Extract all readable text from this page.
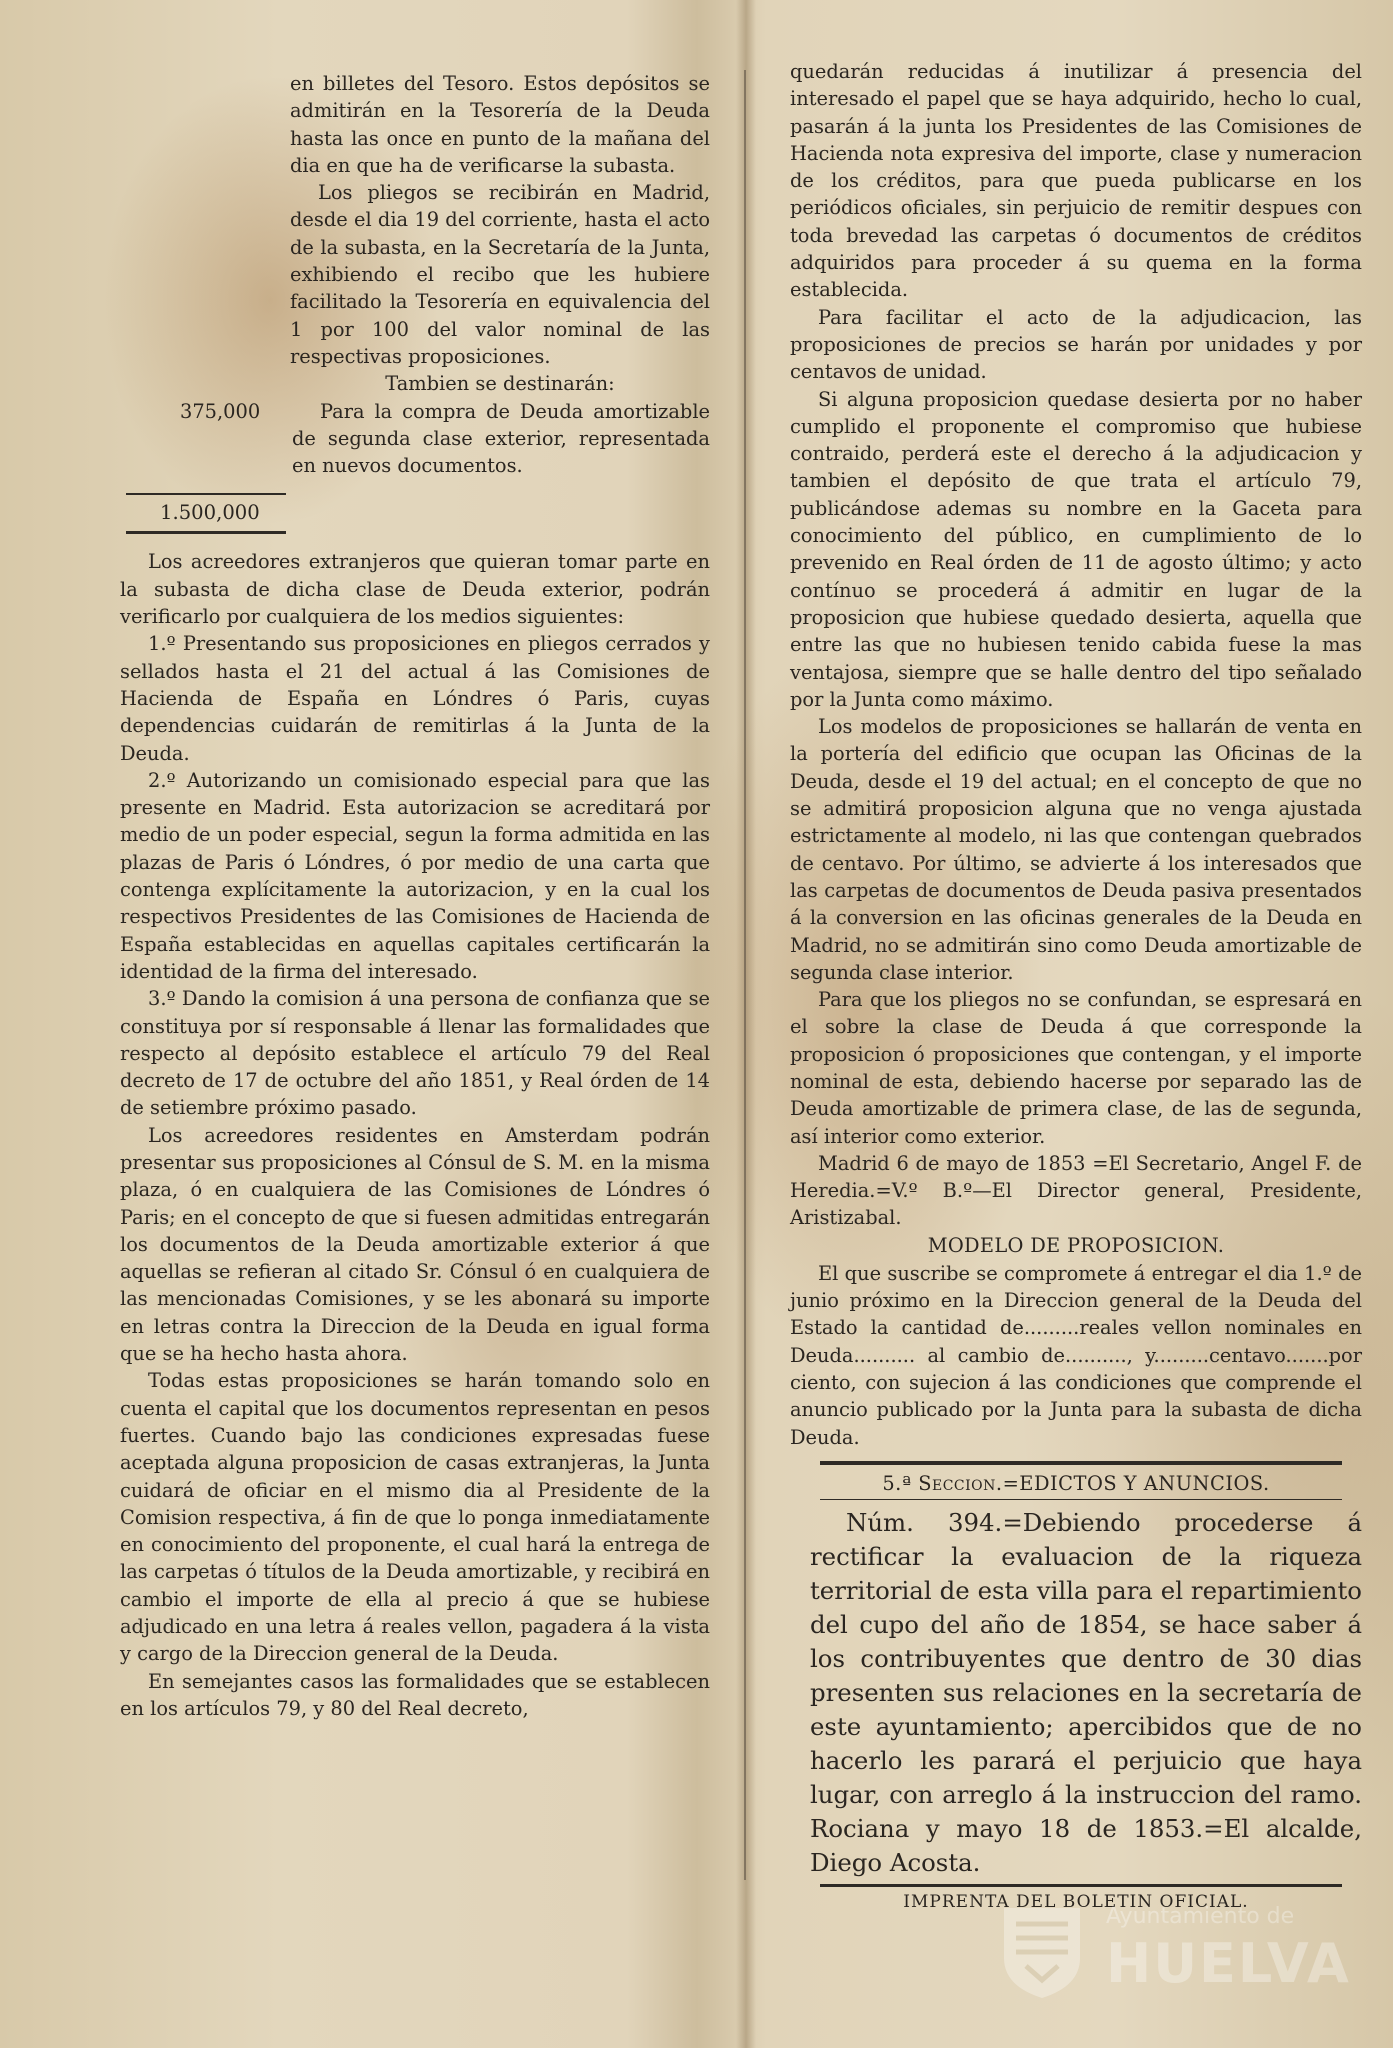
en billetes del Tesoro. Estos depósitos se admitirán en la Tesorería de la Deuda hasta las once en punto de la mañana del dia en que ha de verificarse la subasta.

Los pliegos se recibirán en Madrid, desde el dia 19 del corriente, hasta el acto de la subasta, en la Secretaría de la Junta, exhibiendo el recibo que les hubiere facilitado la Tesorería en equivalencia del 1 por 100 del valor nominal de las respectivas proposiciones.

Tambien se destinarán:

375,000	Para la compra de Deuda amortizable de segunda clase exterior, representada en nuevos documentos.

1.500,000

Los acreedores extranjeros que quieran tomar parte en la subasta de dicha clase de Deuda exterior, podrán verificarlo por cualquiera de los medios siguientes:

1.º Presentando sus proposiciones en pliegos cerrados y sellados hasta el 21 del actual á las Comisiones de Hacienda de España en Lóndres ó Paris, cuyas dependencias cuidarán de remitirlas á la Junta de la Deuda.

2.º Autorizando un comisionado especial para que las presente en Madrid. Esta autorizacion se acreditará por medio de un poder especial, segun la forma admitida en las plazas de Paris ó Lóndres, ó por medio de una carta que contenga explícitamente la autorizacion, y en la cual los respectivos Presidentes de las Comisiones de Hacienda de España establecidas en aquellas capitales certificarán la identidad de la firma del interesado.

3.º Dando la comision á una persona de confianza que se constituya por sí responsable á llenar las formalidades que respecto al depósito establece el artículo 79 del Real decreto de 17 de octubre del año 1851, y Real órden de 14 de setiembre próximo pasado.

Los acreedores residentes en Amsterdam podrán presentar sus proposiciones al Cónsul de S. M. en la misma plaza, ó en cualquiera de las Comisiones de Lóndres ó Paris; en el concepto de que si fuesen admitidas entregarán los documentos de la Deuda amortizable exterior á que aquellas se refieran al citado Sr. Cónsul ó en cualquiera de las mencionadas Comisiones, y se les abonará su importe en letras contra la Direccion de la Deuda en igual forma que se ha hecho hasta ahora.

Todas estas proposiciones se harán tomando solo en cuenta el capital que los documentos representan en pesos fuertes. Cuando bajo las condiciones expresadas fuese aceptada alguna proposicion de casas extranjeras, la Junta cuidará de oficiar en el mismo dia al Presidente de la Comision respectiva, á fin de que lo ponga inmediatamente en conocimiento del proponente, el cual hará la entrega de las carpetas ó títulos de la Deuda amortizable, y recibirá en cambio el importe de ella al precio á que se hubiese adjudicado en una letra á reales vellon, pagadera á la vista y cargo de la Direccion general de la Deuda.

En semejantes casos las formalidades que se establecen en los artículos 79, y 80 del Real decreto,

quedarán reducidas á inutilizar á presencia del interesado el papel que se haya adquirido, hecho lo cual, pasarán á la junta los Presidentes de las Comisiones de Hacienda nota expresiva del importe, clase y numeracion de los créditos, para que pueda publicarse en los periódicos oficiales, sin perjuicio de remitir despues con toda brevedad las carpetas ó documentos de créditos adquiridos para proceder á su quema en la forma establecida.

Para facilitar el acto de la adjudicacion, las proposiciones de precios se harán por unidades y por centavos de unidad.

Si alguna proposicion quedase desierta por no haber cumplido el proponente el compromiso que hubiese contraido, perderá este el derecho á la adjudicacion y tambien el depósito de que trata el artículo 79, publicándose ademas su nombre en la Gaceta para conocimiento del público, en cumplimiento de lo prevenido en Real órden de 11 de agosto último; y acto contínuo se procederá á admitir en lugar de la proposicion que hubiese quedado desierta, aquella que entre las que no hubiesen tenido cabida fuese la mas ventajosa, siempre que se halle dentro del tipo señalado por la Junta como máximo.

Los modelos de proposiciones se hallarán de venta en la portería del edificio que ocupan las Oficinas de la Deuda, desde el 19 del actual; en el concepto de que no se admitirá proposicion alguna que no venga ajustada estrictamente al modelo, ni las que contengan quebrados de centavo. Por último, se advierte á los interesados que las carpetas de documentos de Deuda pasiva presentados á la conversion en las oficinas generales de la Deuda en Madrid, no se admitirán sino como Deuda amortizable de segunda clase interior.

Para que los pliegos no se confundan, se espresará en el sobre la clase de Deuda á que corresponde la proposicion ó proposiciones que contengan, y el importe nominal de esta, debiendo hacerse por separado las de Deuda amortizable de primera clase, de las de segunda, así interior como exterior.

Madrid 6 de mayo de 1853 =El Secretario, Angel F. de Heredia.=V.º B.º—El Director general, Presidente, Aristizabal.

MODELO DE PROPOSICION.

El que suscribe se compromete á entregar el dia 1.º de junio próximo en la Direccion general de la Deuda del Estado la cantidad de.........reales vellon nominales en Deuda.......... al cambio de.........., y.........centavo.......por ciento, con sujecion á las condiciones que comprende el anuncio publicado por la Junta para la subasta de dicha Deuda.

5.ª Seccion.=EDICTOS Y ANUNCIOS.

Núm. 394.=Debiendo procederse á rectificar la evaluacion de la riqueza territorial de esta villa para el repartimiento del cupo del año de 1854, se hace saber á los contribuyentes que dentro de 30 dias presenten sus relaciones en la secretaría de este ayuntamiento; apercibidos que de no hacerlo les parará el perjuicio que haya lugar, con arreglo á la instruccion del ramo. Rociana y mayo 18 de 1853.=El alcalde, Diego Acosta.

IMPRENTA DEL BOLETIN OFICIAL.
Ayuntamiento de
HUELVA
